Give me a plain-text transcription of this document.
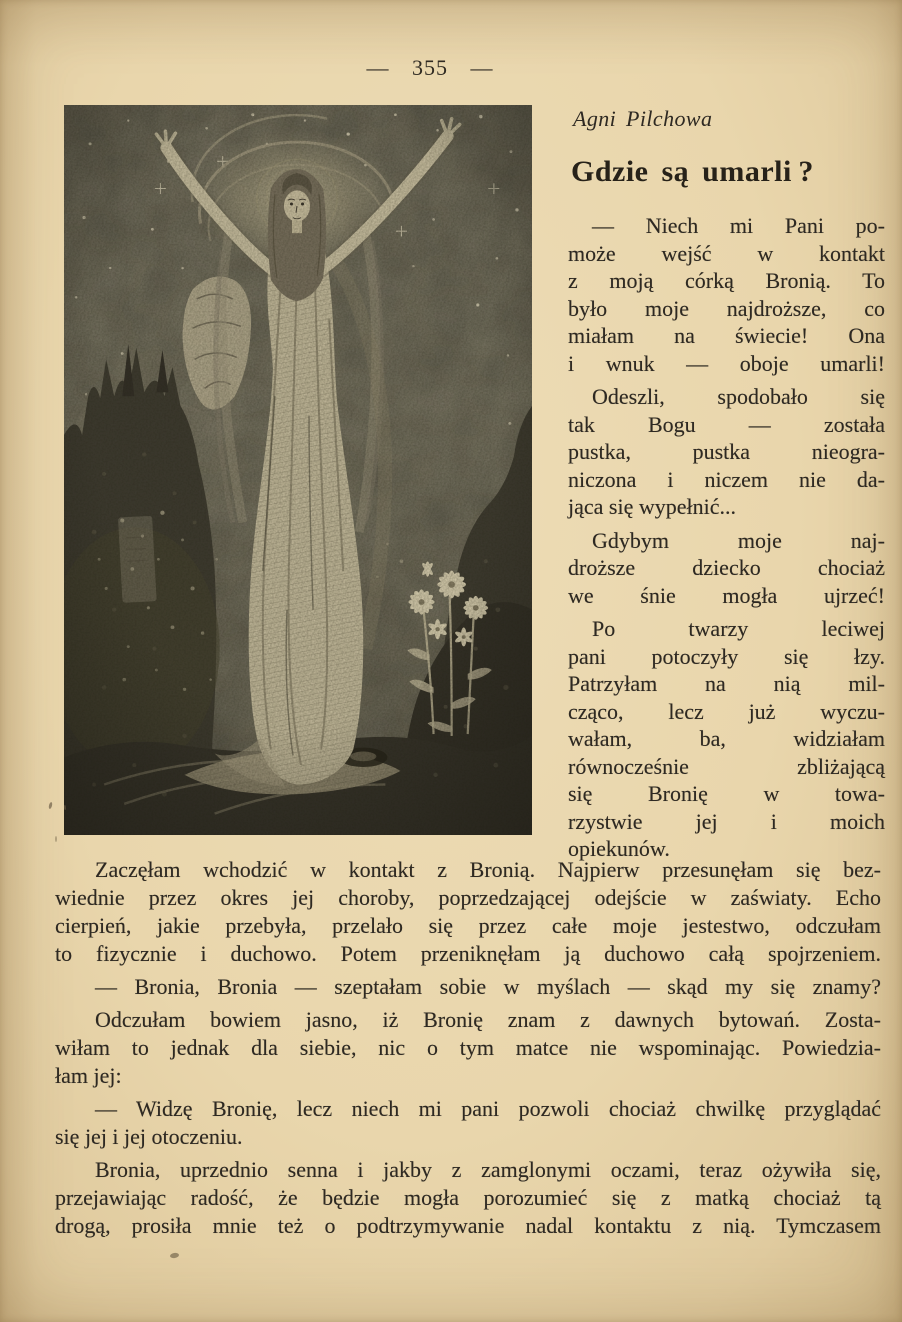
— 355 —
Agni Pilchowa
Gdzie są umarli ?
— Niech mi Pani po-
może wejść w kontakt
z moją córką Bronią. To
było moje najdroższe, co
miałam na świecie! Ona
i wnuk — oboje umarli!
Odeszli, spodobało się
tak Bogu — została
pustka, pustka nieogra-
niczona i niczem nie da-
jąca się wypełnić...
Gdybym moje naj-
droższe dziecko chociaż
we śnie mogła ujrzeć!
Po twarzy leciwej
pani potoczyły się łzy.
Patrzyłam na nią mil-
cząco, lecz już wyczu-
wałam, ba, widziałam
równocześnie zbliżającą
się Bronię w towa-
rzystwie jej i moich
opiekunów.
Zaczęłam wchodzić w kontakt z Bronią. Najpierw przesunęłam się bez-
wiednie przez okres jej choroby, poprzedzającej odejście w zaświaty. Echo
cierpień, jakie przebyła, przelało się przez całe moje jestestwo, odczułam
to fizycznie i duchowo. Potem przeniknęłam ją duchowo całą spojrzeniem.
— Bronia, Bronia — szeptałam sobie w myślach — skąd my się znamy?
Odczułam bowiem jasno, iż Bronię znam z dawnych bytowań. Zosta-
wiłam to jednak dla siebie, nic o tym matce nie wspominając. Powiedzia-
łam jej:
— Widzę Bronię, lecz niech mi pani pozwoli chociaż chwilkę przyglądać
się jej i jej otoczeniu.
Bronia, uprzednio senna i jakby z zamglonymi oczami, teraz ożywiła się,
przejawiając radość, że będzie mogła porozumieć się z matką chociaż tą
drogą, prosiła mnie też o podtrzymywanie nadal kontaktu z nią. Tymczasem
